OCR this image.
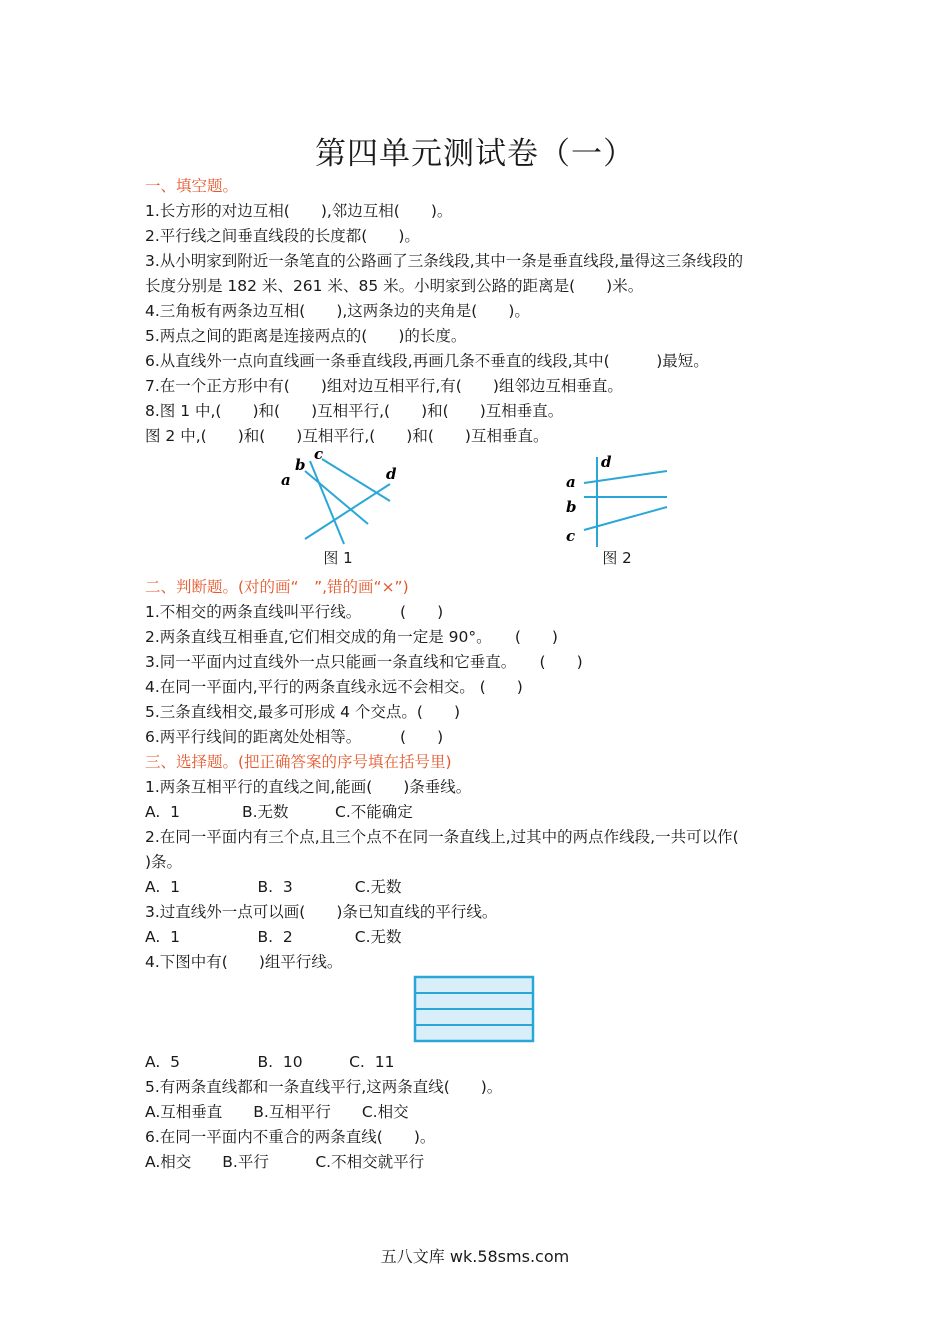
第四单元测试卷（一）
一、填空题。
1.长方形的对边互相(　　),邻边互相(　　)。
2.平行线之间垂直线段的长度都(　　)。
3.从小明家到附近一条笔直的公路画了三条线段,其中一条是垂直线段,量得这三条线段的
长度分别是 182 米、261 米、85 米。小明家到公路的距离是(　　)米。
4.三角板有两条边互相(　　),这两条边的夹角是(　　)。
5.两点之间的距离是连接两点的(　　)的长度。
6.从直线外一点向直线画一条垂直线段,再画几条不垂直的线段,其中(　　　)最短。
7.在一个正方形中有(　　)组对边互相平行,有(　　)组邻边互相垂直。
8.图 1 中,(　　)和(　　)互相平行,(　　)和(　　)互相垂直。
图 2 中,(　　)和(　　)互相平行,(　　)和(　　)互相垂直。
a
b
c
d
图 1
a
b
c
d
图 2
二、判断题。(对的画“　”,错的画“×”)
1.不相交的两条直线叫平行线。　　　(　　)
2.两条直线互相垂直,它们相交成的角一定是 90°。　　(　　)
3.同一平面内过直线外一点只能画一条直线和它垂直。　　(　　)
4.在同一平面内,平行的两条直线永远不会相交。 (　　)
5.三条直线相交,最多可形成 4 个交点。(　　)
6.两平行线间的距离处处相等。　　　(　　)
三、选择题。(把正确答案的序号填在括号里)
1.两条互相平行的直线之间,能画(　　)条垂线。
A.  1　　　　B.无数　　　C.不能确定
2.在同一平面内有三个点,且三个点不在同一条直线上,过其中的两点作线段,一共可以作(
)条。
A.  1　　　　　B.  3　　　　C.无数
3.过直线外一点可以画(　　)条已知直线的平行线。
A.  1　　　　　B.  2　　　　C.无数
4.下图中有(　　)组平行线。
A.  5　　　　　B.  10　　　C.  11
5.有两条直线都和一条直线平行,这两条直线(　　)。
A.互相垂直　　B.互相平行　　C.相交
6.在同一平面内不重合的两条直线(　　)。
A.相交　　B.平行　　　C.不相交就平行
五八文库 wk.58sms.com
